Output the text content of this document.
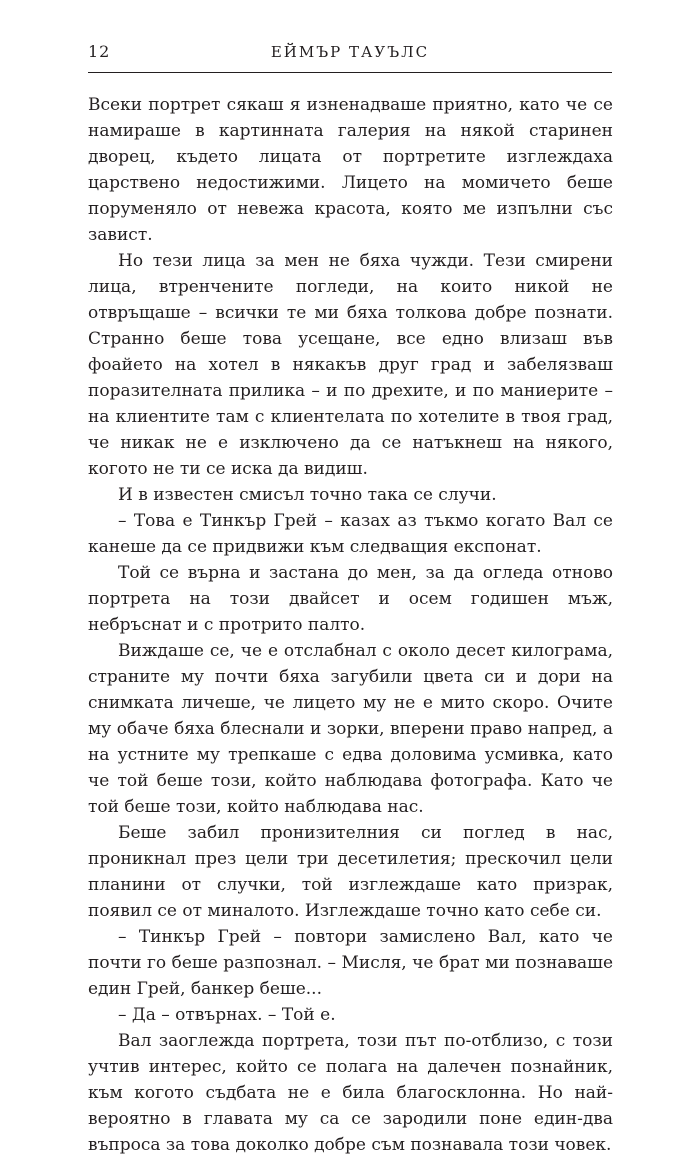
12	ЕЙМЪР ТАУЪЛС

Всеки портрет сякаш я изненадваше приятно, като че се намираше в картинната галерия на някой старинен дворец, където лицата от портретите изглеждаха царствено недостижими. Лицето на момичето беше поруменяло от невежа красота, която ме изпълни със завист.

Но тези лица за мен не бяха чужди. Тези смирени лица, втренчените погледи, на които никой не отвръщаше – всички те ми бяха толкова добре познати. Странно беше това усещане, все едно влизаш във фоайето на хотел в някакъв друг град и забелязваш поразителната прилика – и по дрехите, и по маниерите – на клиентите там с клиентелата по хотелите в твоя град, че никак не е изключено да се натъкнеш на някого, когото не ти се иска да видиш.

И в известен смисъл точно така се случи.

– Това е Тинкър Грей – казах аз тъкмо когато Вал се канеше да се придвижи към следващия експонат.

Той се върна и застана до мен, за да огледа отново портрета на този двайсет и осем годишен мъж, небръснат и с протрито палто.

Виждаше се, че е отслабнал с около десет килограма, страните му почти бяха загубили цвета си и дори на снимката личеше, че лицето му не е мито скоро. Очите му обаче бяха блеснали и зорки, вперени право напред, а на устните му трепкаше с едва доловима усмивка, като че той беше този, който наблюдава фотографа. Като че той беше този, който наблюдава нас.

Беше забил пронизителния си поглед в нас, проникнал през цели три десетилетия; прескочил цели планини от случки, той изглеждаше като призрак, появил се от миналото. Изглеждаше точно като себе си.

– Тинкър Грей – повтори замислено Вал, като че почти го беше разпознал. – Мисля, че брат ми познаваше един Грей, банкер беше...

– Да – отвърнах. – Той е.

Вал заоглежда портрета, този път по-отблизо, с този учтив интерес, който се полага на далечен познайник, към когото съдбата не е била благосклонна. Но най-вероятно в главата му са се зародили поне един-два въпроса за това доколко добре съм познавала този човек.
